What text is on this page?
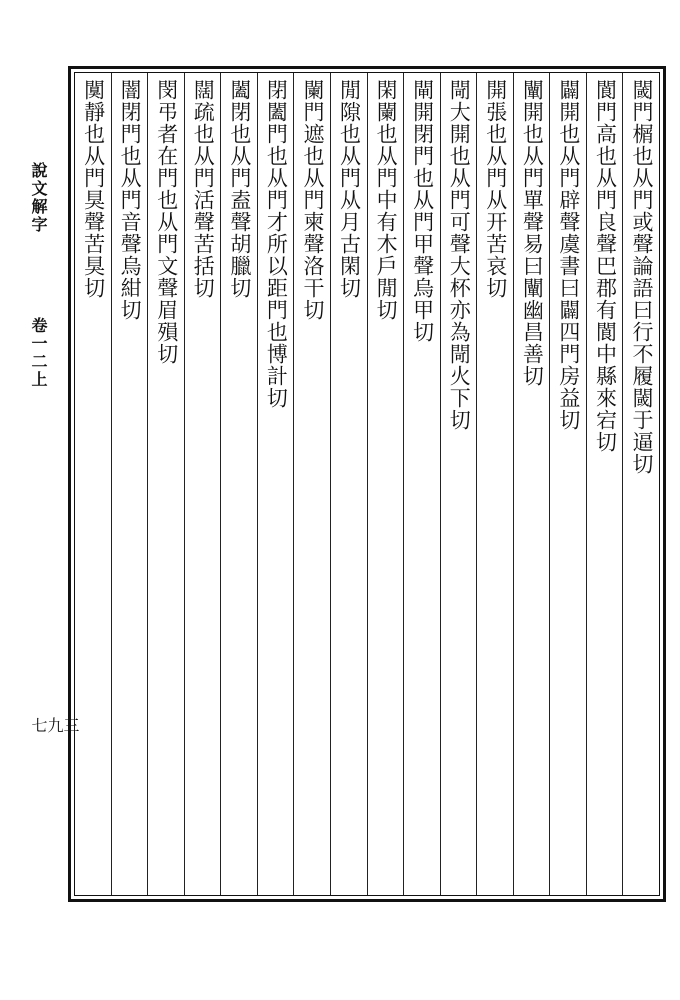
說文解字
卷一二上
三九七
閾門榍也从門或聲論語曰行不履閾于逼切
閬門高也从門良聲巴郡有閬中縣來宕切
闢開也从門辟聲虞書曰闢四門房益切
闡開也从門單聲易曰闡幽昌善切
開張也从門从开苦哀切
閜大開也从門可聲大杯亦為閜火下切
閘開閉門也从門甲聲烏甲切
閑闌也从門中有木戶閒切
閒隙也从門从月古閑切
闌門遮也从門柬聲洛干切
閉闔門也从門才所以距門也博計切
闔閉也从門盍聲胡臘切
闊疏也从門活聲苦括切
閔弔者在門也从門文聲眉殞切
闇閉門也从門音聲烏紺切
闃靜也从門狊聲苦狊切
